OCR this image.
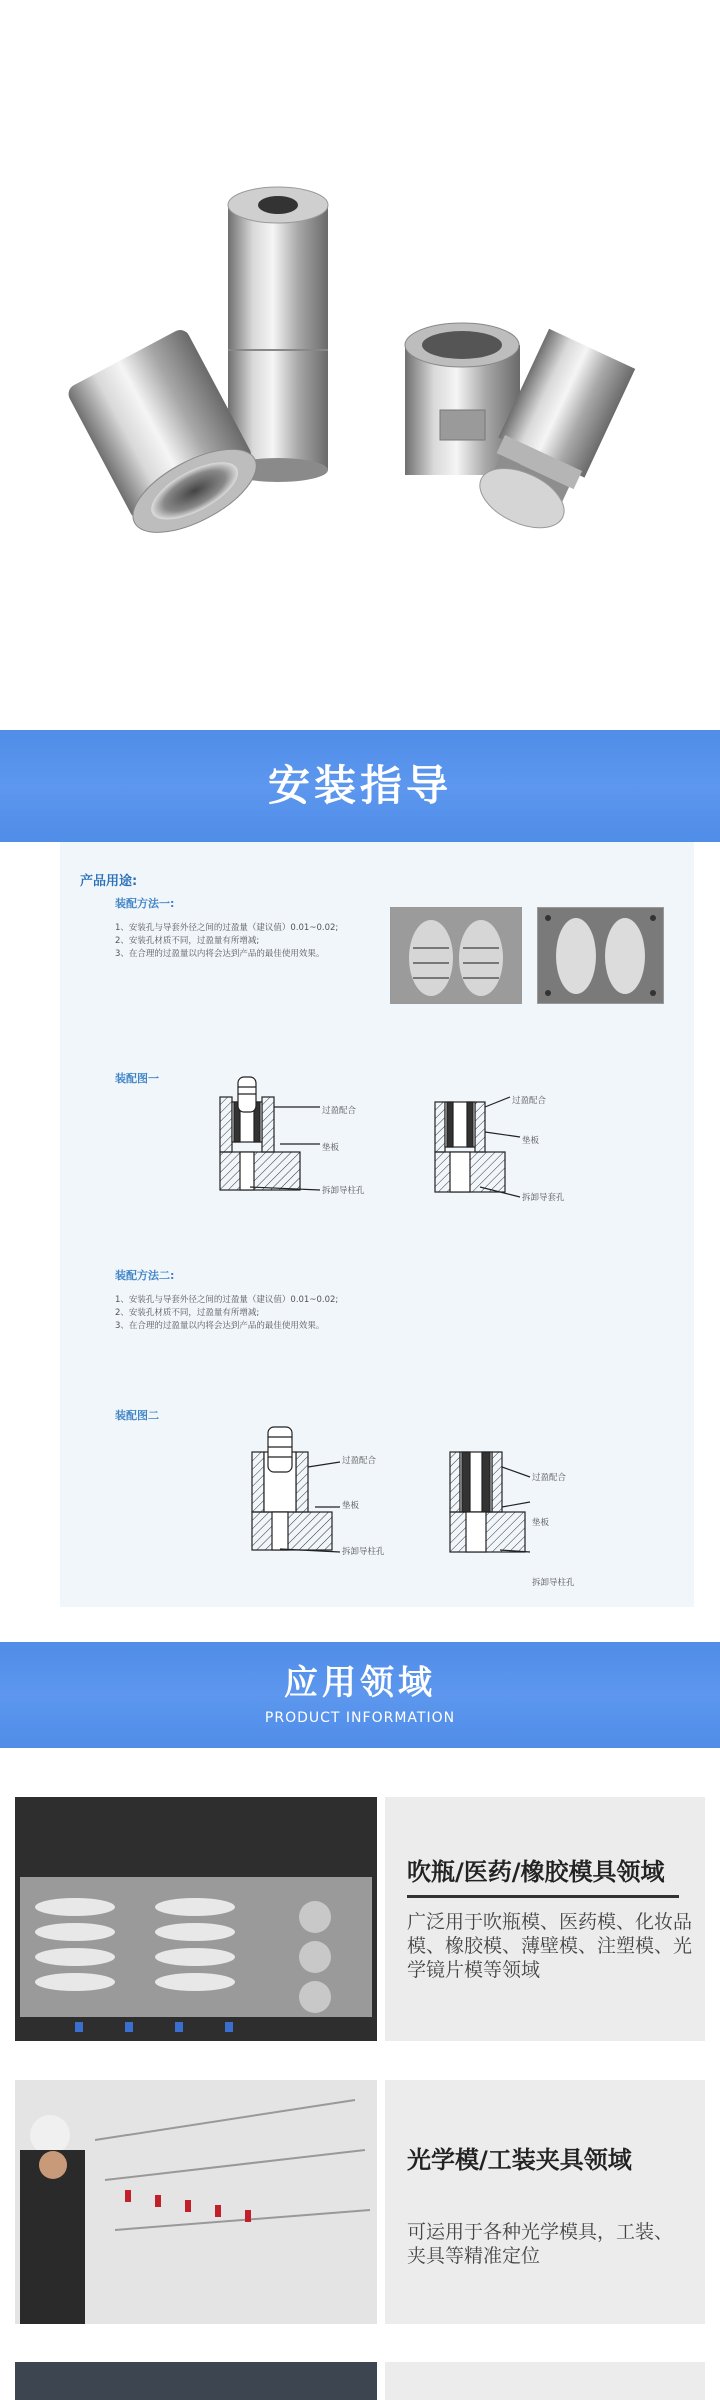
安装指导
产品用途:
装配方法一:
1、安装孔与导套外径之间的过盈量（建议值）0.01~0.02;
2、安装孔材质不同，过盈量有所增减;
3、在合理的过盈量以内将会达到产品的最佳使用效果。
装配图一
过盈配合
垫板
拆卸导柱孔
过盈配合
垫板
拆卸导套孔
装配方法二:
1、安装孔与导套外径之间的过盈量（建议值）0.01~0.02;
2、安装孔材质不同，过盈量有所增减;
3、在合理的过盈量以内将会达到产品的最佳使用效果。
装配图二
过盈配合
垫板
拆卸导柱孔
过盈配合
垫板
拆卸导柱孔
应用领域
PRODUCT INFORMATION
吹瓶/医药/橡胶模具领域
广泛用于吹瓶模、医药模、化妆品模、橡胶模、薄壁模、注塑模、光学镜片模等领域
光学模/工装夹具领域
可运用于各种光学模具，工装、夹具等精准定位
